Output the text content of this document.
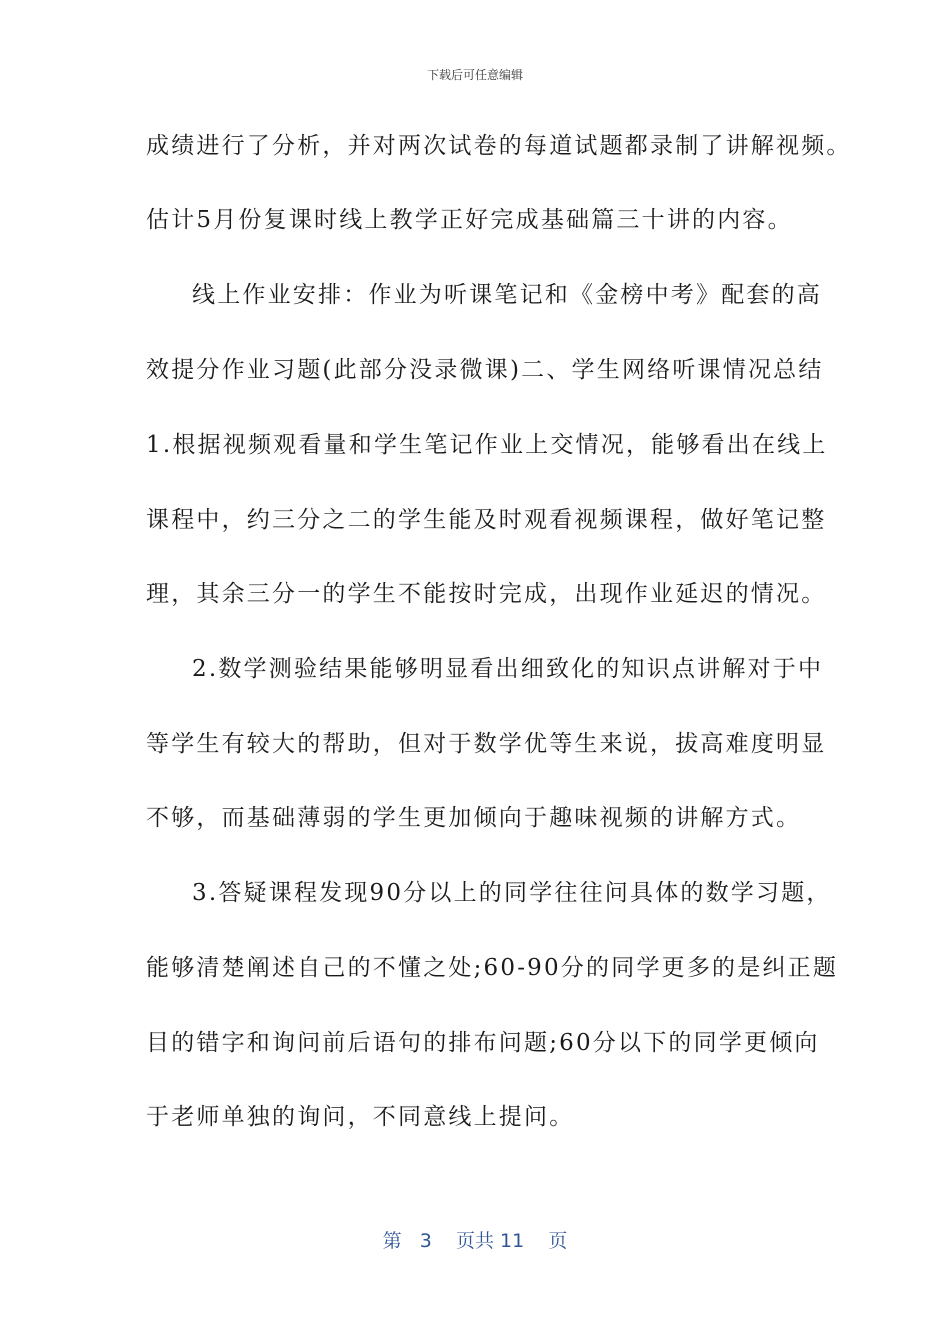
下载后可任意编辑
成绩进行了分析，并对两次试卷的每道试题都录制了讲解视频。
估计5月份复课时线上教学正好完成基础篇三十讲的内容。
线上作业安排：作业为听课笔记和《金榜中考》配套的高
效提分作业习题(此部分没录微课)二、学生网络听课情况总结
1.根据视频观看量和学生笔记作业上交情况，能够看出在线上
课程中，约三分之二的学生能及时观看视频课程，做好笔记整
理，其余三分一的学生不能按时完成，出现作业延迟的情况。
2.数学测验结果能够明显看出细致化的知识点讲解对于中
等学生有较大的帮助，但对于数学优等生来说，拔高难度明显
不够，而基础薄弱的学生更加倾向于趣味视频的讲解方式。
3.答疑课程发现90分以上的同学往往问具体的数学习题，
能够清楚阐述自己的不懂之处;60-90分的同学更多的是纠正题
目的错字和询问前后语句的排布问题;60分以下的同学更倾向
于老师单独的询问，不同意线上提问。
第 3 页共 11 页
